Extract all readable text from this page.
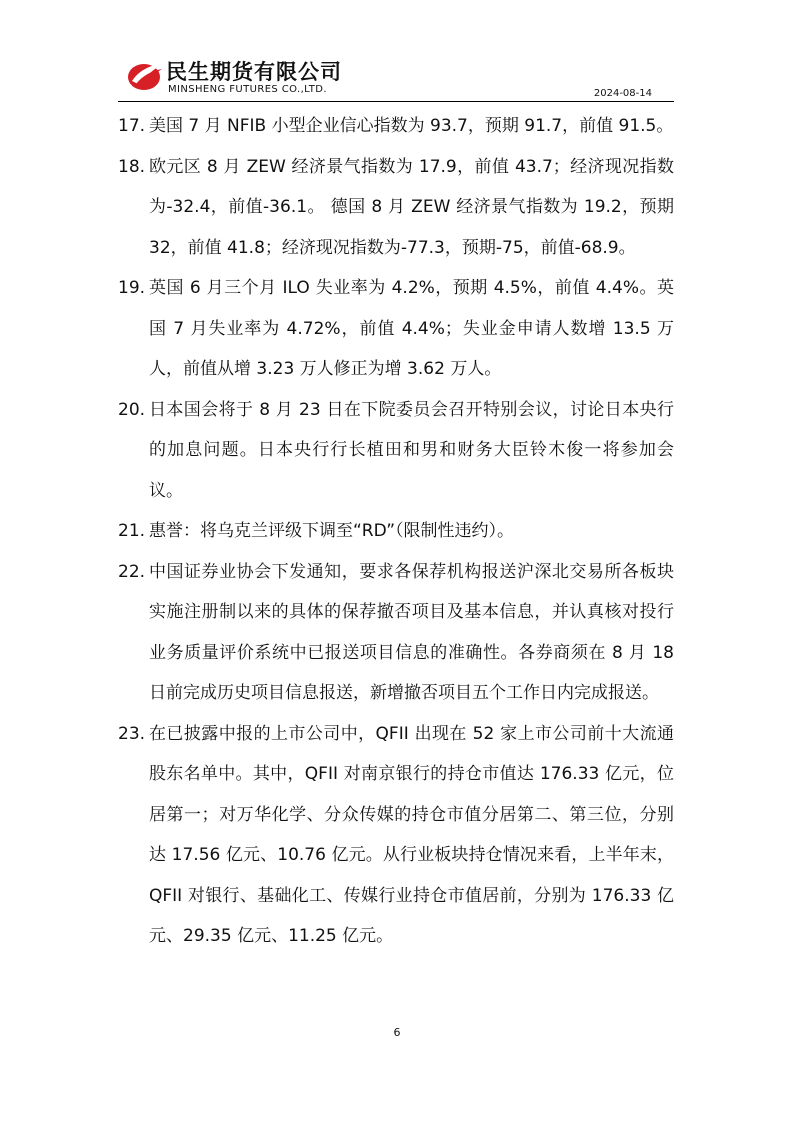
民生期货有限公司
MINSHENG FUTURES CO.,LTD.	2024-08-14
17. 美国 7 月 NFIB 小型企业信心指数为 93.7，预期 91.7，前值 91.5。
18. 欧元区 8 月 ZEW 经济景气指数为 17.9，前值 43.7；经济现况指数为-32.4，前值-36.1。 德国 8 月 ZEW 经济景气指数为 19.2，预期 32，前值 41.8；经济现况指数为-77.3，预期-75，前值-68.9。
19. 英国 6 月三个月 ILO 失业率为 4.2%，预期 4.5%，前值 4.4%。英国 7 月失业率为 4.72%，前值 4.4%；失业金申请人数增 13.5 万人，前值从增 3.23 万人修正为增 3.62 万人。
20. 日本国会将于 8 月 23 日在下院委员会召开特别会议，讨论日本央行的加息问题。日本央行行长植田和男和财务大臣铃木俊一将参加会议。
21. 惠誉：将乌克兰评级下调至“RD”（限制性违约）。
22. 中国证券业协会下发通知，要求各保荐机构报送沪深北交易所各板块实施注册制以来的具体的保荐撤否项目及基本信息，并认真核对投行业务质量评价系统中已报送项目信息的准确性。各券商须在 8 月 18 日前完成历史项目信息报送，新增撤否项目五个工作日内完成报送。
23. 在已披露中报的上市公司中，QFII 出现在 52 家上市公司前十大流通股东名单中。其中，QFII 对南京银行的持仓市值达 176.33 亿元，位居第一；对万华化学、分众传媒的持仓市值分居第二、第三位，分别达 17.56 亿元、10.76 亿元。从行业板块持仓情况来看，上半年末，QFII 对银行、基础化工、传媒行业持仓市值居前，分别为 176.33 亿元、29.35 亿元、11.25 亿元。
6
